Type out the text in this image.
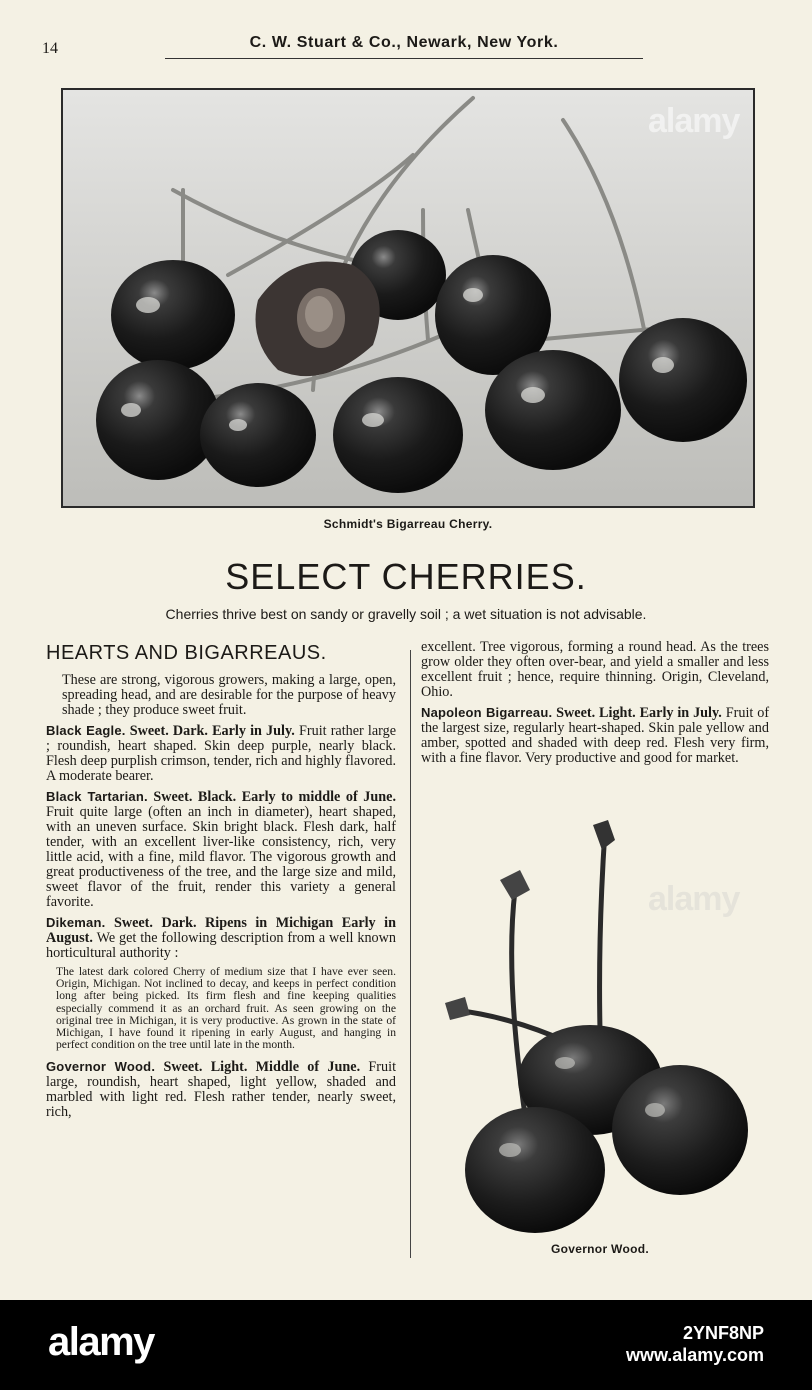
14	C. W. Stuart & Co., Newark, New York.
alamy
Schmidt's Bigarreau Cherry.
SELECT CHERRIES.
Cherries thrive best on sandy or gravelly soil ; a wet situation is not advisable.
HEARTS AND BIGARREAUS.

These are strong, vigorous growers, making a large, open, spreading head, and are desirable for the purpose of heavy shade ; they produce sweet fruit.

Black Eagle. Sweet. Dark. Early in July. Fruit rather large ; roundish, heart shaped. Skin deep purple, nearly black. Flesh deep purplish crimson, tender, rich and highly flavored. A moderate bearer.

Black Tartarian. Sweet. Black. Early to middle of June. Fruit quite large (often an inch in diameter), heart shaped, with an uneven surface. Skin bright black. Flesh dark, half tender, with an excellent liver-like consistency, rich, very little acid, with a fine, mild flavor. The vigorous growth and great productiveness of the tree, and the large size and mild, sweet flavor of the fruit, render this variety a general favorite.

Dikeman. Sweet. Dark. Ripens in Michigan Early in August. We get the following description from a well known horticultural authority :

The latest dark colored Cherry of medium size that I have ever seen. Origin, Michigan. Not inclined to decay, and keeps in perfect condition long after being picked. Its firm flesh and fine keeping qualities especially commend it as an orchard fruit. As seen growing on the original tree in Michigan, it is very productive. As grown in the state of Michigan, I have found it ripening in early August, and hanging in perfect condition on the tree until late in the month.

Governor Wood. Sweet. Light. Middle of June. Fruit large, roundish, heart shaped, light yellow, shaded and marbled with light red. Flesh rather tender, nearly sweet, rich,

excellent. Tree vigorous, forming a round head. As the trees grow older they often over-bear, and yield a smaller and less excellent fruit ; hence, require thinning. Origin, Cleveland, Ohio.

Napoleon Bigarreau. Sweet. Light. Early in July. Fruit of the largest size, regularly heart-shaped. Skin pale yellow and amber, spotted and shaded with deep red. Flesh very firm, with a fine flavor. Very productive and good for market.

alamy
Governor Wood.
alamy	2YNF8NP
www.alamy.com
